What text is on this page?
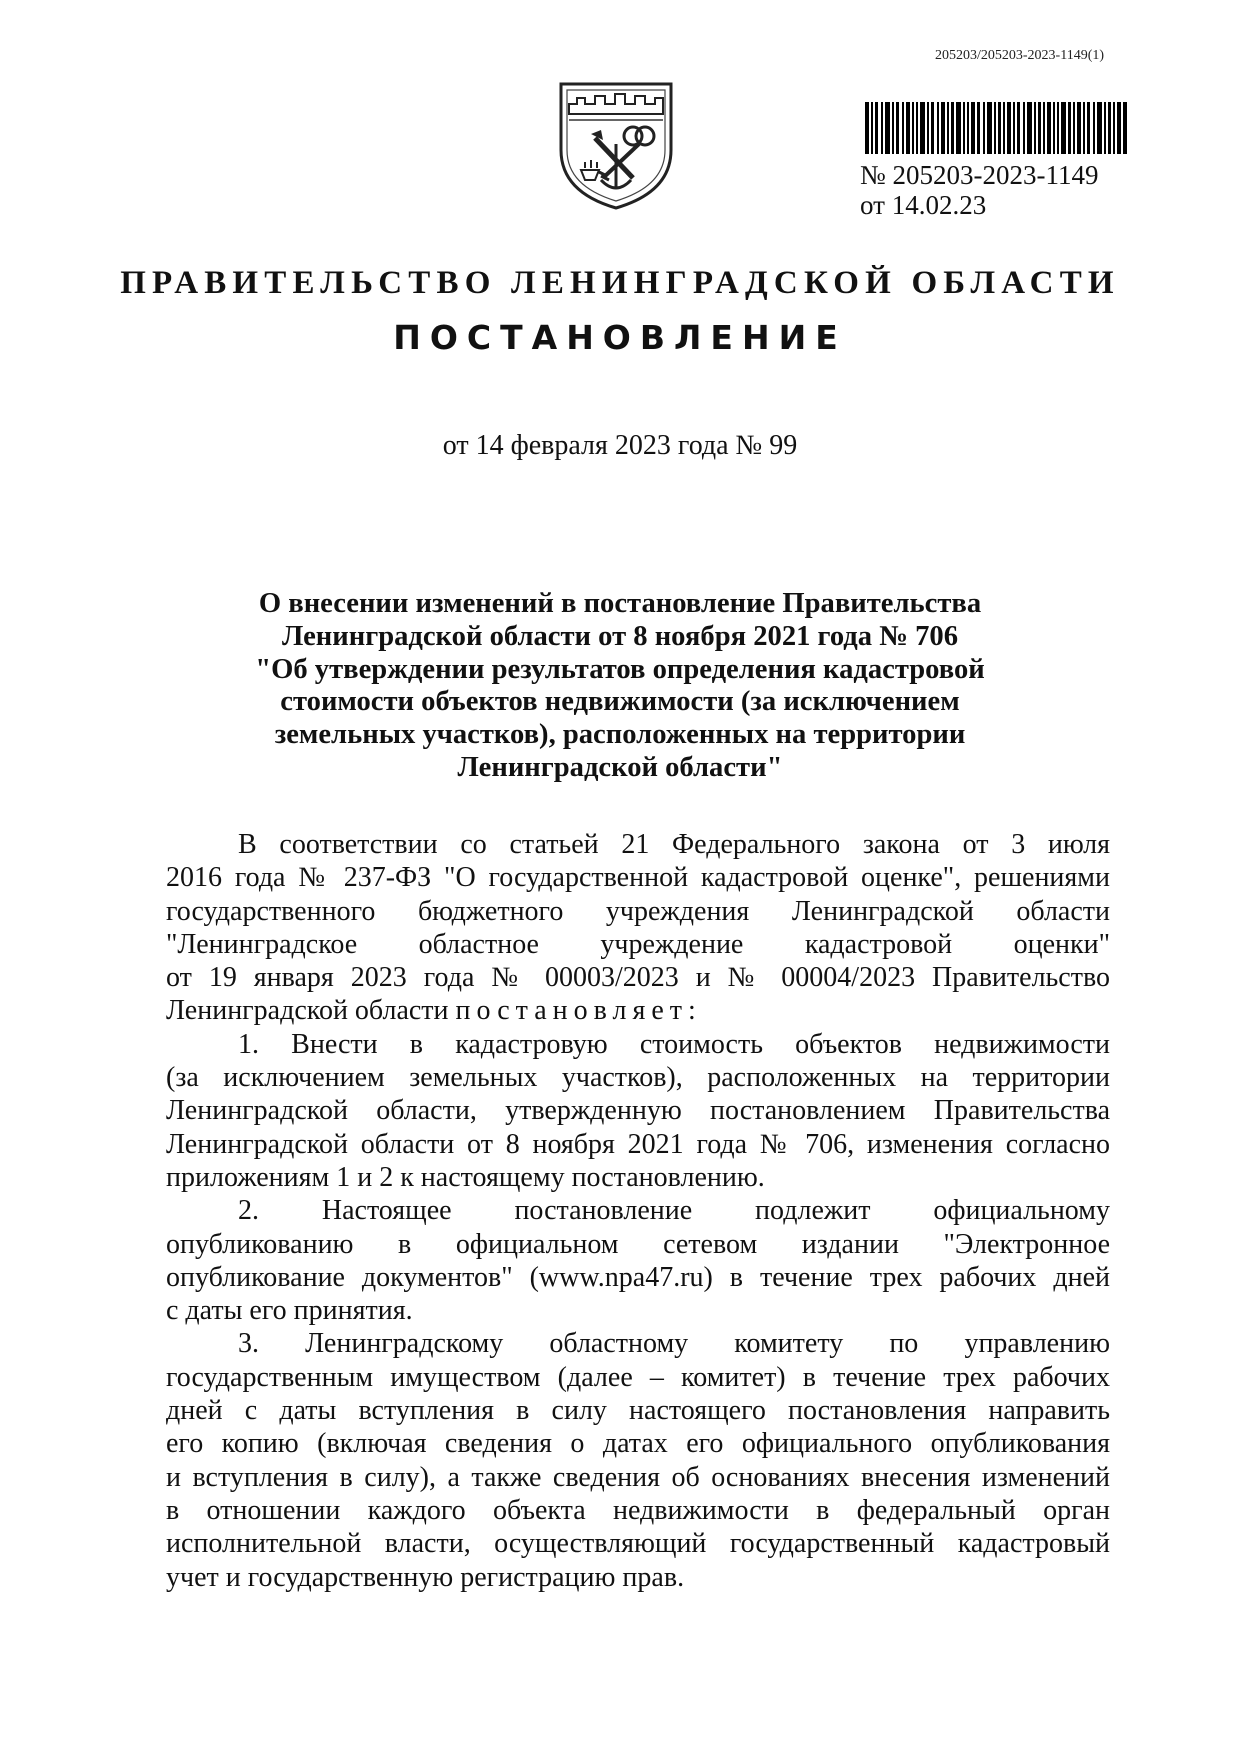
205203/205203-2023-1149(1)
№ 205203-2023-1149
от 14.02.23
ПРАВИТЕЛЬСТВО ЛЕНИНГРАДСКОЙ ОБЛАСТИ
ПОСТАНОВЛЕНИЕ
от 14 февраля 2023 года № 99
О внесении изменений в постановление Правительства
Ленинградской области от 8 ноября 2021 года № 706
"Об утверждении результатов определения кадастровой
стоимости объектов недвижимости (за исключением
земельных участков), расположенных на территории
Ленинградской области"

В соответствии со статьей 21 Федерального закона от 3 июля

2016 года № 237-ФЗ "О государственной кадастровой оценке", решениями

государственного бюджетного учреждения Ленинградской области

"Ленинградское областное учреждение кадастровой оценки"

от 19 января 2023 года № 00003/2023 и № 00004/2023 Правительство

Ленинградской области постановляет:

1. Внести в кадастровую стоимость объектов недвижимости

(за исключением земельных участков), расположенных на территории

Ленинградской области, утвержденную постановлением Правительства

Ленинградской области от 8 ноября 2021 года № 706, изменения согласно

приложениям 1 и 2 к настоящему постановлению.

2. Настоящее постановление подлежит официальному

опубликованию в официальном сетевом издании "Электронное

опубликование документов" (www.npa47.ru) в течение трех рабочих дней

с даты его принятия.

3. Ленинградскому областному комитету по управлению

государственным имуществом (далее – комитет) в течение трех рабочих

дней с даты вступления в силу настоящего постановления направить

его копию (включая сведения о датах его официального опубликования

и вступления в силу), а также сведения об основаниях внесения изменений

в отношении каждого объекта недвижимости в федеральный орган

исполнительной власти, осуществляющий государственный кадастровый

учет и государственную регистрацию прав.
